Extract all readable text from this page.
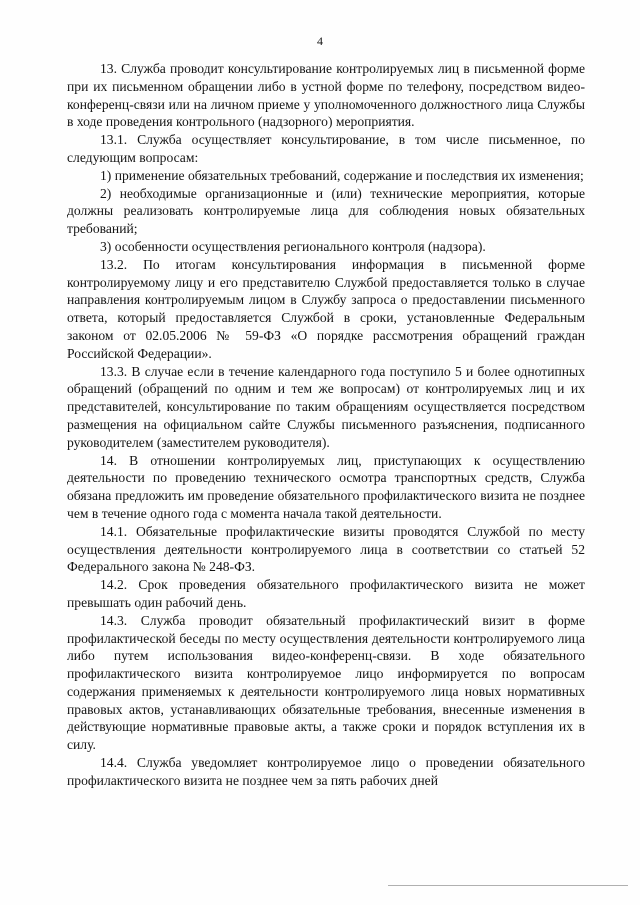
4

13. Служба проводит консультирование контролируемых лиц в письменной форме при их письменном обращении либо в устной форме по телефону, посредством видео-конференц-связи или на личном приеме у уполномоченного должностного лица Службы в ходе проведения контрольного (надзорного) мероприятия.

13.1. Служба осуществляет консультирование, в том числе письменное, по следующим вопросам:

1) применение обязательных требований, содержание и последствия их изменения;

2) необходимые организационные и (или) технические мероприятия, которые должны реализовать контролируемые лица для соблюдения новых обязательных требований;

3) особенности осуществления регионального контроля (надзора).

13.2. По итогам консультирования информация в письменной форме контролируемому лицу и его представителю Службой предоставляется только в случае направления контролируемым лицом в Службу запроса о предоставлении письменного ответа, который предоставляется Службой в сроки, установленные Федеральным законом от 02.05.2006 № 59-ФЗ «О порядке рассмотрения обращений граждан Российской Федерации».

13.3. В случае если в течение календарного года поступило 5 и более однотипных обращений (обращений по одним и тем же вопросам) от контролируемых лиц и их представителей, консультирование по таким обращениям осуществляется посредством размещения на официальном сайте Службы письменного разъяснения, подписанного руководителем (заместителем руководителя).

14. В отношении контролируемых лиц, приступающих к осуществлению деятельности по проведению технического осмотра транспортных средств, Служба обязана предложить им проведение обязательного профилактического визита не позднее чем в течение одного года с момента начала такой деятельности.

14.1. Обязательные профилактические визиты проводятся Службой по месту осуществления деятельности контролируемого лица в соответствии со статьей 52 Федерального закона № 248-ФЗ.

14.2. Срок проведения обязательного профилактического визита не может превышать один рабочий день.

14.3. Служба проводит обязательный профилактический визит в форме профилактической беседы по месту осуществления деятельности контролируемого лица либо путем использования видео-конференц-связи. В ходе обязательного профилактического визита контролируемое лицо информируется по вопросам содержания применяемых к деятельности контролируемого лица новых нормативных правовых актов, устанавливающих обязательные требования, внесенные изменения в действующие нормативные правовые акты, а также сроки и порядок вступления их в силу.

14.4. Служба уведомляет контролируемое лицо о проведении обязательного профилактического визита не позднее чем за пять рабочих дней
